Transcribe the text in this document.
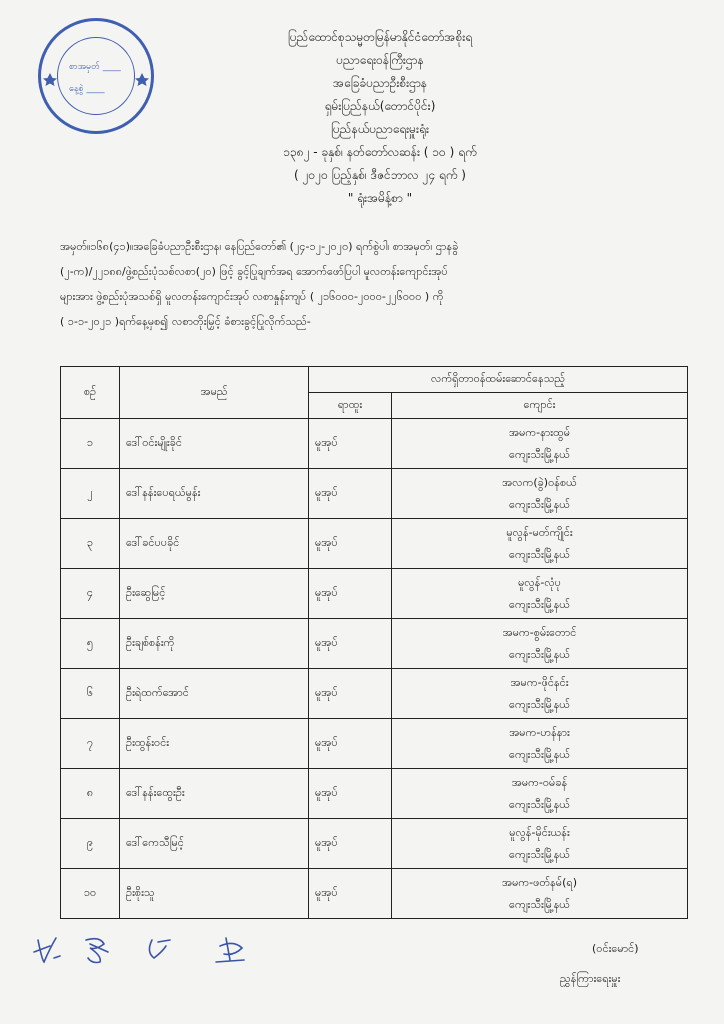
စာအမှတ် ____
နေ့စွဲ ____
ပြည်ထောင်စုသမ္မတမြန်မာနိုင်ငံတော်အစိုးရ
ပညာရေးဝန်ကြီးဌာန
အခြေခံပညာဦးစီးဌာန
ရှမ်းပြည်နယ်(တောင်ပိုင်း)
ပြည်နယ်ပညာရေးမှူးရုံး
၁၃၈၂ - ခုနှစ်၊ နတ်တော်လဆန်း ( ၁၀ ) ရက်
( ၂၀၂၀ ပြည့်နှစ်၊ ဒီဇင်ဘာလ ၂၄ ရက် )
" ရုံးအမိန့်စာ "
အမှတ်။၁၆၈(၄၁)။အခြေခံပညာဦးစီးဌာန၊ နေပြည်တော်၏ (၂၄-၁၂-၂၀၂၀) ရက်စွဲပါ၊ စာအမှတ်၊ ဌာနခွဲ
(၂-က)/၂၂၁၈၈/ဖွဲ့စည်းပုံသစ်လစာ(၂၀) ဖြင့် ခွင့်ပြုချက်အရ အောက်ဖော်ပြပါ မူလတန်းကျောင်းအုပ်
များအား ဖွဲ့စည်းပုံအသစ်ရှိ မူလတန်းကျောင်းအုပ် လစာနှုန်းကျပ် ( ၂၁၆၀၀၀-၂၀၀၀-၂၂၆၀၀၀ ) ကို
( ၁-၁-၂၀၂၁ )ရက်နေ့မှစ၍ လစာတိုးမြှင့် ခံစားခွင့်ပြုလိုက်သည်-
စဉ်	အမည်	လက်ရှိတာဝန်ထမ်းဆောင်နေသည့်	
		ရာထူး	ကျောင်း
၁	ဒေါ်ဝင်းမျိုးခိုင်	မူအုပ်	အမက-နားထွမ်
ကျေးသီးမြို့နယ်

၂	ဒေါ်နန်းပေရယ်မွန်း	မူအုပ်	အလက(ခွဲ)ဝန်စယ်
ကျေးသီးမြို့နယ်

၃	ဒေါ်ခင်ပပခိုင်	မူအုပ်	မူလွန်-မတ်ကျိုင်း
ကျေးသီးမြို့နယ်

၄	ဦးဆွေမြင့်	မူအုပ်	မူလွန်-လုံပု
ကျေးသီးမြို့နယ်

၅	ဦးချစ်စန်းကို	မူအုပ်	အမက-စွမ်းတောင်
ကျေးသီးမြို့နယ်

၆	ဦးရဲထက်အောင်	မူအုပ်	အမက-ဖိုင်နင်း
ကျေးသီးမြို့နယ်

၇	ဦးထွန်းဝင်း	မူအုပ်	အမက-ဟန်နား
ကျေးသီးမြို့နယ်

၈	ဒေါ်နန်းထွေးဦး	မူအုပ်	အမက-ဝမ်ခန်
ကျေးသီးမြို့နယ်

၉	ဒေါ်ကေသီမြင့်	မူအုပ်	မူလွန်-မိုင်းယန်း
ကျေးသီးမြို့နယ်

၁၀	ဦးစိုးသူ	မူအုပ်	အမက-ဖတ်နမ်(ရ)
ကျေးသီးမြို့နယ်
(ဝင်းမောင်)
ညွှန်ကြားရေးမှူး
